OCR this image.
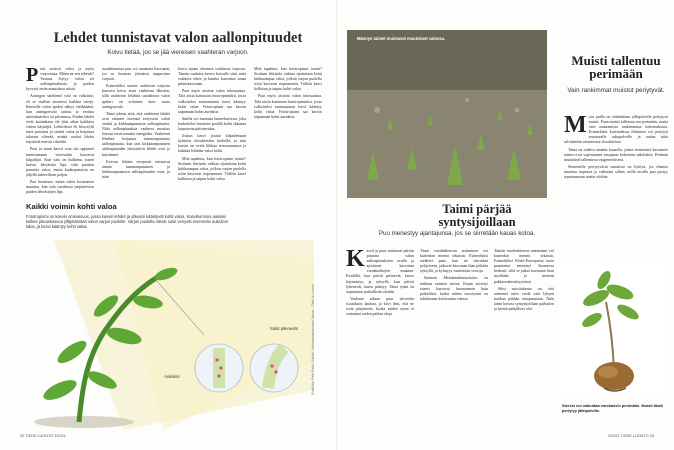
Lehdet tunnistavat valon aallonpituudet
Koivu tietää, jos se jää viereisen vaahteran varjoon.
P uut aistivat valoa ja myös varjostusta. Miten ne sen tekevät? Vastaus löytyy valon eri aallonpituuksista ja puiden kyvystä aistia muutoksia niissä.

Auringon säteilemä valo on valkoista, eli se sisältää tasaisesti kaikkia värejä. Ihmiselle valon spektri näkyy värikkäänä, kun auringonvalo taittuu ja erottuu sateenkaareksi tai prismassa. Puiden lehdet eivät kuitenkaan ole yhtä aikaa kaikkien värien käyttäjiä. Lehtivihreä eli klorofylli imee punaista ja sinistä valoa ja heijastaa takaisin vihreää, minkä vuoksi lehdet näyttävät meistä vihreiltä.

Puut ja muut kasvit ovat siis oppineet tunnistamaan vieressään kasvavat kilpailijat. Kun valo on kulkenut toisen kasvin lehvästön läpi, siitä puuttuu punaista valoa, mutta kaukopunaista on jäljellä suhteellisen paljon.

Puu havaitsee, miten valon koostumus muuttuu, kun valo suodattuu ympäröivien puiden lehvästöjen läpi.

suodattumista puu voi suunnata kasvuaan, jos se huomaa jäävänsä naapurinsa varjoon.

Esimerkiksi suuren vaahteran varjossa kasvava koivu aistii vaahteran lähistön, sillä vaahteran lehdistä suodattuva valon spektri on erilainen kuin suora auringonvalo.

Tämä johtuu siitä, että vaahteran lehdet ovat ottaneet itseensä erityisesti valon sinistä ja kirkkaanpunaista aallonpituutta. Niitä aallonpituuksia vaahtera muuttaa kasvun tarvitsemaksi energiaksi. Vaahteran lehdistä heijastuu tummanpunaista aallonpituutta, kun taas kirkkaanpunaisen aallonpituuden yhteyttävät lehdet ovat jo käyttäneet.

Koivun lehtien reseptorit mittaavat tämän tummanpunaisen ja kirkkaanpunaisen aallonpituuden eron, ja näin

koivu tajuaa olevansa vaahteran varjossa. Tämän vaahtera kertoo koivulle siitä, mitä vaahtera tekee ja kuinka kasvattaa omaa pituuskasvuaan.

Puut myös aistivat valon tulosuuntaa. Tätä aistia kutsutaan fototropismiksi, jossa valkoiseksi suuntautunut kasvi kääntyy kohti valoa. Fototropismi saa kasvin taipumaan kohti aurinkoa.

Smilla voi huomata huonekasvissa, joka kurkottelee huoneen perällä kohti ikkunaa kajastavaa päivänvaloa.

Joskus kasvi joutuu kilpailemaan kylmien olosuhteiden keskellä, ja niin kasvin on ovela liikkua sivusuunnassa ja kääntää lehtiään valoa kohti.

Mitä tapahtuu, kun fototropismi toimii? Sisäinen lehtisolu vaihtaa sijaintiaan kohti kirkkaampaa valoa, jolloin varjon puolella solut kasvavat nopeammin. Tällöin kasvi kallistuu ja taipuu kohti valoa.

Mitä tapahtuu, kun fototropismi toimii? Sisäinen lehtisolu vaihtaa sijaintiaan kohti kirkkaampaa valoa, jolloin varjon puolella solut kasvavat nopeammin. Tällöin kasvi kallistuu ja taipuu kohti valoa.

Puut myös aistivat valon tulosuuntaa. Tätä aistia kutsutaan fototropismiksi, jossa valkoiseksi suuntautunut kasvi kääntyy kohti valoa. Fototropismi saa kasvin taipumaan kohti aurinkoa.

Kaikki voimin kohti valoa
Fototropismi on kasvin ominaisuus, jossa kasvin lehdet ja ylävarsi kääntyvät kohti valoa. Kasvihormoni auksiini kulkee pituuskasvua ylläpitämään valon varjon puolelle. Varjon puolella olevat solut venyvät enemmän auksiinin takia, ja kasvi kääntyy kohti valoa.
Auksiini
Solut pitenevät	Grafiikka: Petri Reilu / Lähde: Varhaiskasvatuksen Sanat – Tieto & Luonto
32 TIEDE LUONTO 3/2021
Männyn taimet muistavat muutokset valossa.
Muisti tallentuu perimään
Vain rankimmat muistot periytyvät.
M yös puilla on eräänlainen jälkipolvelle periytyvä muisti. Puun muisti tallentuu sen perimään, mutta vain muutamista rankimmista kokemuksista. Esimerkiksi kuivuudessa eläminen voi periytyä seuraavalle sukupolvelle ja auttaa niitä selviämään vastaavissa olosuhteissa.

Tämä on todettu ainakin kuusella, jonka siemenistä kasvaneet taimet ovat sopeutuneet emopuun kokemiin sääoloihin. Perimän muutokset tallentuvat epigeneettisesti.

Siemenelle periytyvästä muistista on hyötyä, jos ilmasto muuttuu nopeasti ja vaikuttaa siihen, millä tavalla puu pystyy sopeutumaan uusiin oloihin.

Taimi pärjää syntysijoillaan
Puu menestyy ajantajunsa, jos se siirretään kauas kotoa.
K asvit ja puut mittaavat päivän pituutta valon aallonpituuksien avulla ja ajoittavat kasvunsa vuodenaikojen mukaan. Keväällä, kun päivät pitenevät, kasvu käynnistyy, ja syksyllä, kun päivät lyhenevät, kasvu päättyy. Tämä rytmi on sopeutunut paikallisiin oloihin.

Vanhaan aikaan puut siirrettiin istutuksiin kaukaa, ja kävi ilmi, että ne eivät pärjänneet, koska niiden rytmi ei vastannut uuden paikan oloja.

Tämä vuodenkierron aistiminen voi kuitenkin mennä sekaisin. Esimerkiksi eteläiset puut, kun ne siirretään pohjoiseen, jatkavat kasvuaan liian pitkään syksyllä, ja kylmyys vaurioittaa versoja.

Suomen Metsäntutkimuslaitos on tutkinut taimien siirtoa. Kauas siirretyt taimet kasvavat huonommin kuin paikalliset, koska niiden vuosirytmi on tahdistunut kotiseudun valoon.

Tämän vuodenkierron aistiminen voi kuitenkin mennä sekaisin. Esimerkiksi Keski-Euroopasta tuotu puuntaimi menestyi Suomessa heikosti, sillä se jatkoi kasvuaan liian myöhään ja menetti pakkasenkestävyytensä.

Siksi suosituksena on, että siemenet tulee viedä vain lyhyen matkan päähän emopuustaan. Näin taimi kasvaa syntysijoillaan parhaiten ja kestää paikalliset olot.

Stressi voi vaikuttaa emokasvin perimään. Muisti tästä periytyy jälkipolville.
3/2021 TIEDE LUONTO 33
